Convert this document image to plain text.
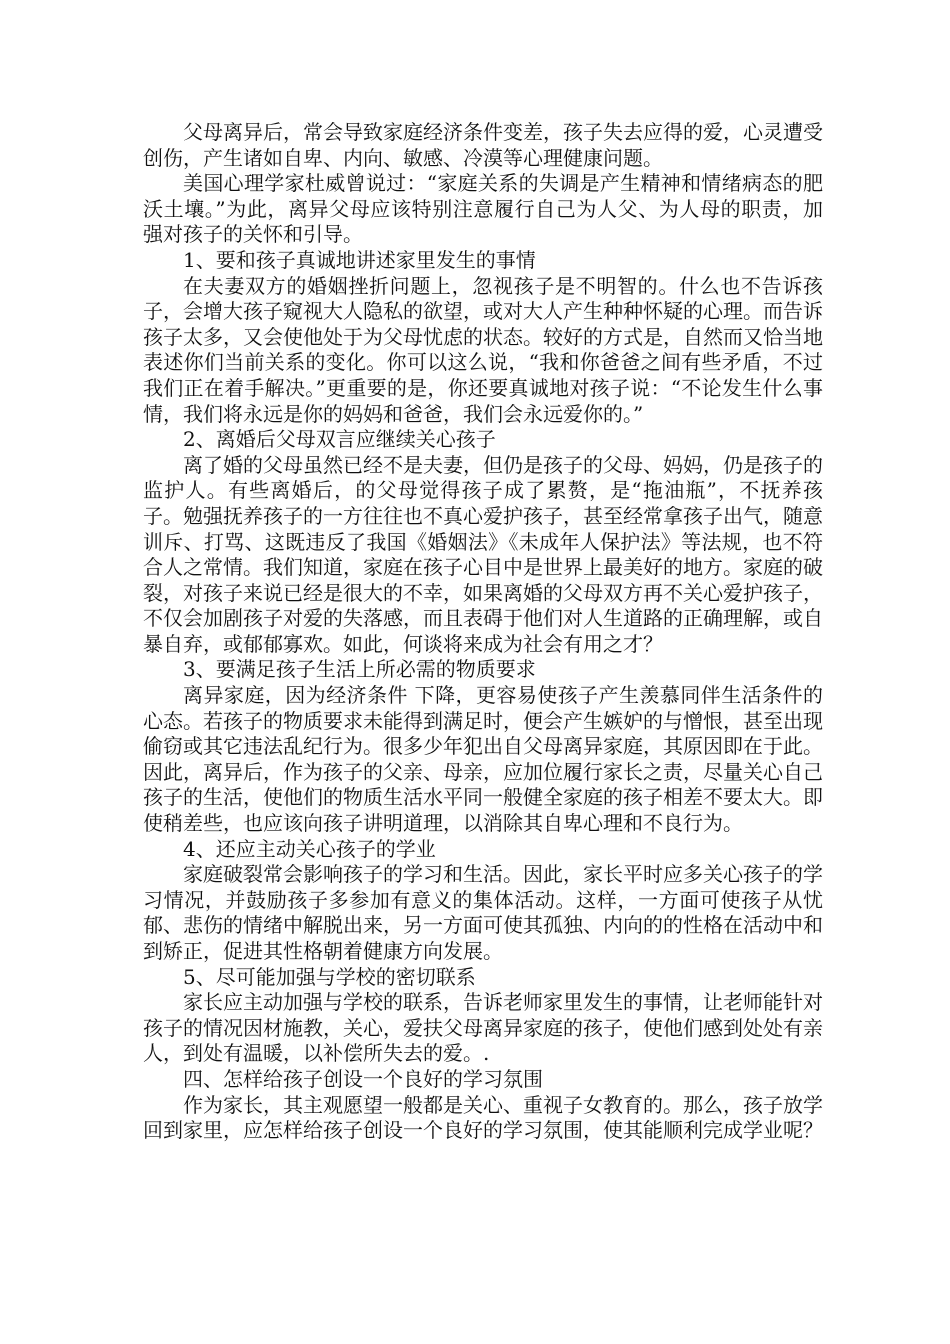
父母离异后，常会导致家庭经济条件变差，孩子失去应得的爱，心灵遭受创伤，产生诸如自卑、内向、敏感、冷漠等心理健康问题。

美国心理学家杜威曾说过：“家庭关系的失调是产生精神和情绪病态的肥沃土壤。”为此，离异父母应该特别注意履行自己为人父、为人母的职责，加强对孩子的关怀和引导。

1、要和孩子真诚地讲述家里发生的事情

在夫妻双方的婚姻挫折问题上，忽视孩子是不明智的。什么也不告诉孩子，会增大孩子窥视大人隐私的欲望，或对大人产生种种怀疑的心理。而告诉孩子太多，又会使他处于为父母忧虑的状态。较好的方式是，自然而又恰当地表述你们当前关系的变化。你可以这么说，“我和你爸爸之间有些矛盾，不过我们正在着手解决。”更重要的是，你还要真诚地对孩子说：“不论发生什么事情，我们将永远是你的妈妈和爸爸，我们会永远爱你的。”

2、离婚后父母双言应继续关心孩子

离了婚的父母虽然已经不是夫妻，但仍是孩子的父母、妈妈，仍是孩子的监护人。有些离婚后，的父母觉得孩子成了累赘，是“拖油瓶”，不抚养孩子。勉强抚养孩子的一方往往也不真心爱护孩子，甚至经常拿孩子出气，随意训斥、打骂、这既违反了我国《婚姻法》《未成年人保护法》等法规，也不符合人之常情。我们知道，家庭在孩子心目中是世界上最美好的地方。家庭的破裂，对孩子来说已经是很大的不幸，如果离婚的父母双方再不关心爱护孩子，不仅会加剧孩子对爱的失落感，而且表碍于他们对人生道路的正确理解，或自暴自弃，或郁郁寡欢。如此，何谈将来成为社会有用之才？

3、要满足孩子生活上所必需的物质要求

离异家庭，因为经济条件 下降，更容易使孩子产生羡慕同伴生活条件的心态。若孩子的物质要求未能得到满足时，便会产生嫉妒的与憎恨，甚至出现偷窃或其它违法乱纪行为。很多少年犯出自父母离异家庭，其原因即在于此。因此，离异后，作为孩子的父亲、母亲，应加位履行家长之责，尽量关心自己孩子的生活，使他们的物质生活水平同一般健全家庭的孩子相差不要太大。即使稍差些，也应该向孩子讲明道理，以消除其自卑心理和不良行为。

4、还应主动关心孩子的学业

家庭破裂常会影响孩子的学习和生活。因此，家长平时应多关心孩子的学习情况，并鼓励孩子多参加有意义的集体活动。这样，一方面可使孩子从忧郁、悲伤的情绪中解脱出来，另一方面可使其孤独、内向的的性格在活动中和到矫正，促进其性格朝着健康方向发展。

5、尽可能加强与学校的密切联系

家长应主动加强与学校的联系，告诉老师家里发生的事情，让老师能针对孩子的情况因材施教，关心，爱扶父母离异家庭的孩子，使他们感到处处有亲人，到处有温暖，以补偿所失去的爱。.

四、怎样给孩子创设一个良好的学习氛围

作为家长，其主观愿望一般都是关心、重视子女教育的。那么，孩子放学回到家里，应怎样给孩子创设一个良好的学习氛围，使其能顺利完成学业呢？
